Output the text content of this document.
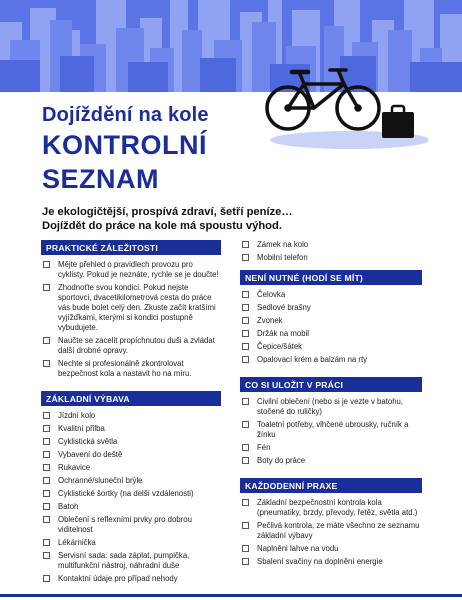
Dojíždění na kole
KONTROLNÍ
SEZNAM
Je ekologičtější, prospívá zdraví, šetří peníze…
Dojíždět do práce na kole má spoustu výhod.
PRAKTICKÉ ZÁLEŽITOSTI
Mějte přehled o pravidlech provozu pro cyklisty. Pokud je neznáte, rychle se je doučte!
Zhodnoťte svou kondici. Pokud nejste sportovci, dvacetikilometrová cesta do práce vás bude bolet celý den. Zkuste začít kratšími vyjížďkami, kterými si kondici postupně vybudujete.
Naučte se zacelit propíchnutou duši a zvládat další drobné opravy.
Nechte si profesionálně zkontrolovat bezpečnost kola a nastavit ho na míru.
ZÁKLADNÍ VÝBAVA
Jízdní kolo
Kvalitní přilba
Cyklistická světla
Vybavení do deště
Rukavice
Ochranné/sluneční brýle
Cyklistické šortky (na delší vzdálenosti)
Batoh
Oblečení s reflexními prvky pro dobrou viditelnost
Lékárnička
Servisní sada: sada záplat, pumpička, multifunkční nástroj, náhradní duše
Kontaktní údaje pro případ nehody
Zámek na kolo
Mobilní telefon
NENÍ NUTNÉ (HODÍ SE MÍT)
Čelovka
Sedlové brašny
Zvonek
Držák na mobil
Čepice/šátek
Opalovací krém a balzám na rty
CO SI ULOŽIT V PRÁCI
Civilní oblečení (nebo si je vezte v batohu, stočené do ruličky)
Toaletní potřeby, vlhčené ubrousky, ručník a žínku
Fén
Boty do práce
KAŽDODENNÍ PRAXE
Základní bezpečnostní kontrola kola (pneumatiky, brzdy, převody, řetěz, světla atd.)
Pečlivá kontrola, ze máte všechno ze seznamu základní výbavy
Naplněni lahve na vodu
Sbalení svačiny na doplnění energie
